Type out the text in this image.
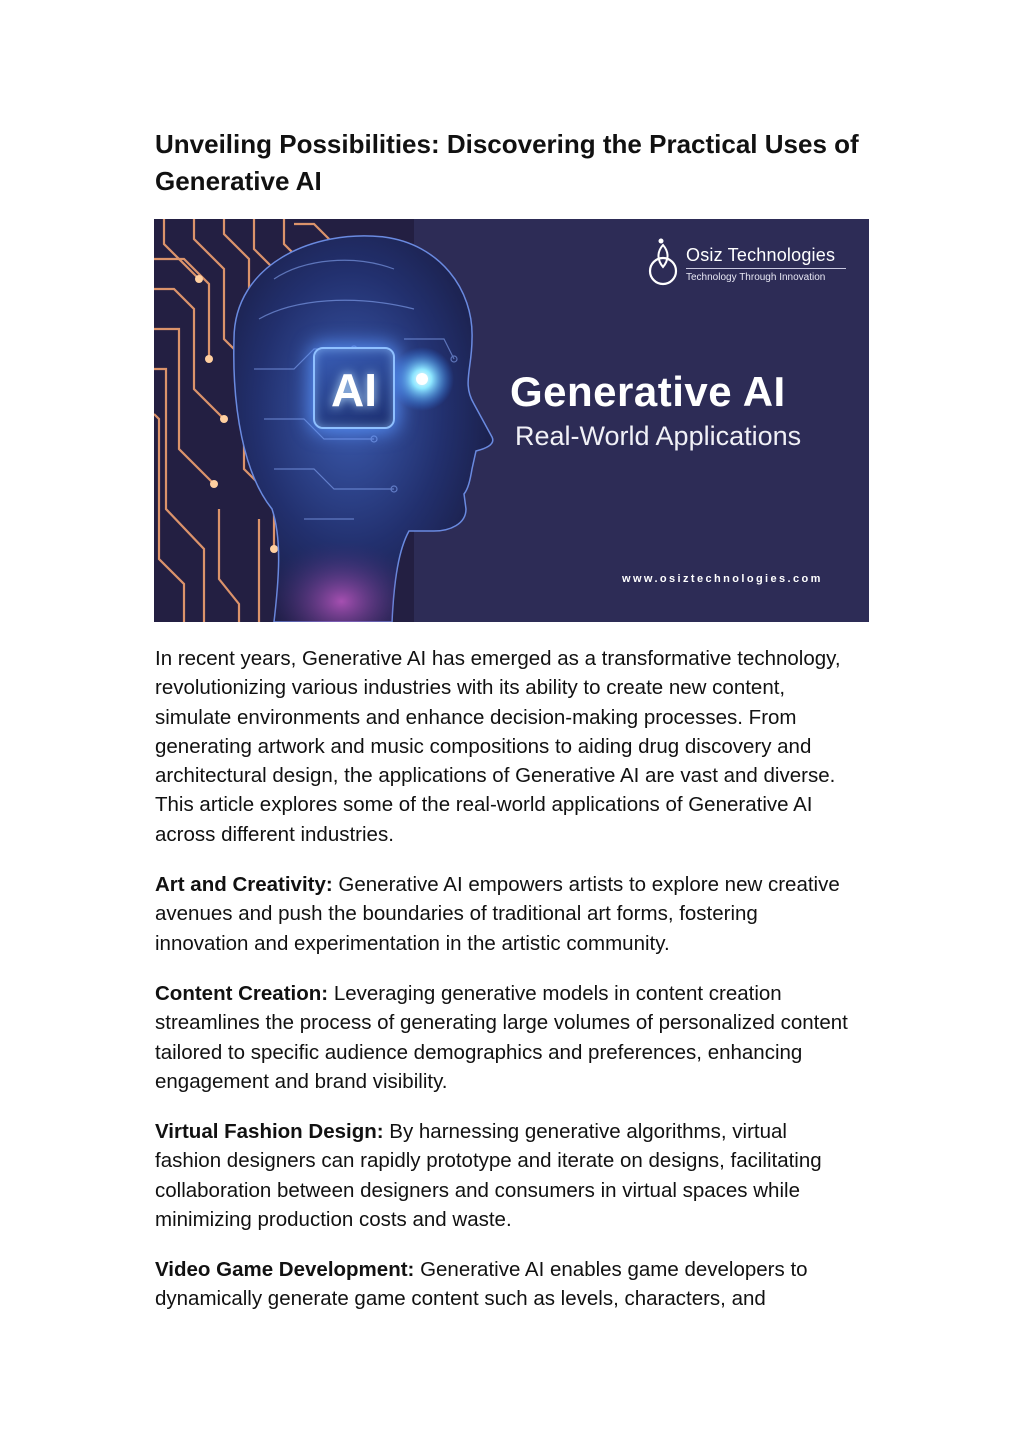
Unveiling Possibilities: Discovering the Practical Uses of Generative AI
AI
Osiz Technologies
Technology Through Innovation
Generative AI
Real-World Applications
www.osiztechnologies.com

In recent years, Generative AI has emerged as a transformative technology, revolutionizing various industries with its ability to create new content, simulate environments and enhance decision-making processes. From generating artwork and music compositions to aiding drug discovery and architectural design, the applications of Generative AI are vast and diverse. This article explores some of the real-world applications of Generative AI across different industries.

Art and Creativity: Generative AI empowers artists to explore new creative avenues and push the boundaries of traditional art forms, fostering innovation and experimentation in the artistic community.

Content Creation: Leveraging generative models in content creation streamlines the process of generating large volumes of personalized content tailored to specific audience demographics and preferences, enhancing engagement and brand visibility.

Virtual Fashion Design: By harnessing generative algorithms, virtual fashion designers can rapidly prototype and iterate on designs, facilitating collaboration between designers and consumers in virtual spaces while minimizing production costs and waste.

Video Game Development: Generative AI enables game developers to dynamically generate game content such as levels, characters, and
